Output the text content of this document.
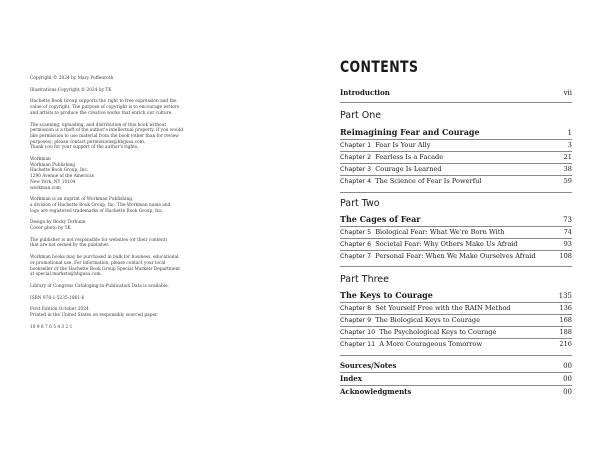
Copyright © 2024 by Mary Poffenroth

Illustrations Copyright © 2024 by TK

Hachette Book Group supports the right to free expression and the
value of copyright. The purpose of copyright is to encourage writers
and artists to produce the creative works that enrich our culture.

The scanning, uploading, and distribution of this book without
permission is a theft of the author's intellectual property. If you would
like permission to use material from the book (other than for review
purposes), please contact permissions@hbgusa.com.
Thank you for your support of the author's rights.

Workman
Workman Publishing
Hachette Book Group, Inc.
1290 Avenue of the Americas
New York, NY 10104
workman.com

Workman is an imprint of Workman Publishing,
a division of Hachette Book Group, Inc. The Workman name and
logo are registered trademarks of Hachette Book Group, Inc.

Design by Becky Terhune
Cover photo by TK

The publisher is not responsible for websites (or their content)
that are not owned by the publisher.

Workman books may be purchased in bulk for business, educational,
or promotional use. For information, please contact your local
bookseller or the Hachette Book Group Special Markets Department
at special.markets@hbgusa.com.

Library of Congress Cataloging-in-Publication Data is available.

ISBN 978-1-5235-1861-6

First Edition October 2024
Printed in the United States on responsibly sourced paper.

10 9 8 7 6 5 4 3 2 1

CONTENTS
Introduction	vii
Part One
Reimagining Fear and Courage	1
Chapter 1 Fear Is Your Ally	3
Chapter 2 Fearless Is a Facade	21
Chapter 3 Courage Is Learned	38
Chapter 4 The Science of Fear Is Powerful	59
Part Two
The Cages of Fear	73
Chapter 5 Biological Fear: What We're Born With	74
Chapter 6 Societal Fear: Why Others Make Us Afraid	93
Chapter 7 Personal Fear: When We Make Ourselves Afraid	108
Part Three
The Keys to Courage	135
Chapter 8 Set Yourself Free with the RAIN Method	136
Chapter 9 The Biological Keys to Courage	168
Chapter 10 The Psychological Keys to Courage	188
Chapter 11 A More Courageous Tomorrow	216
Sources/Notes	00
Index	00
Acknowledgments	00
